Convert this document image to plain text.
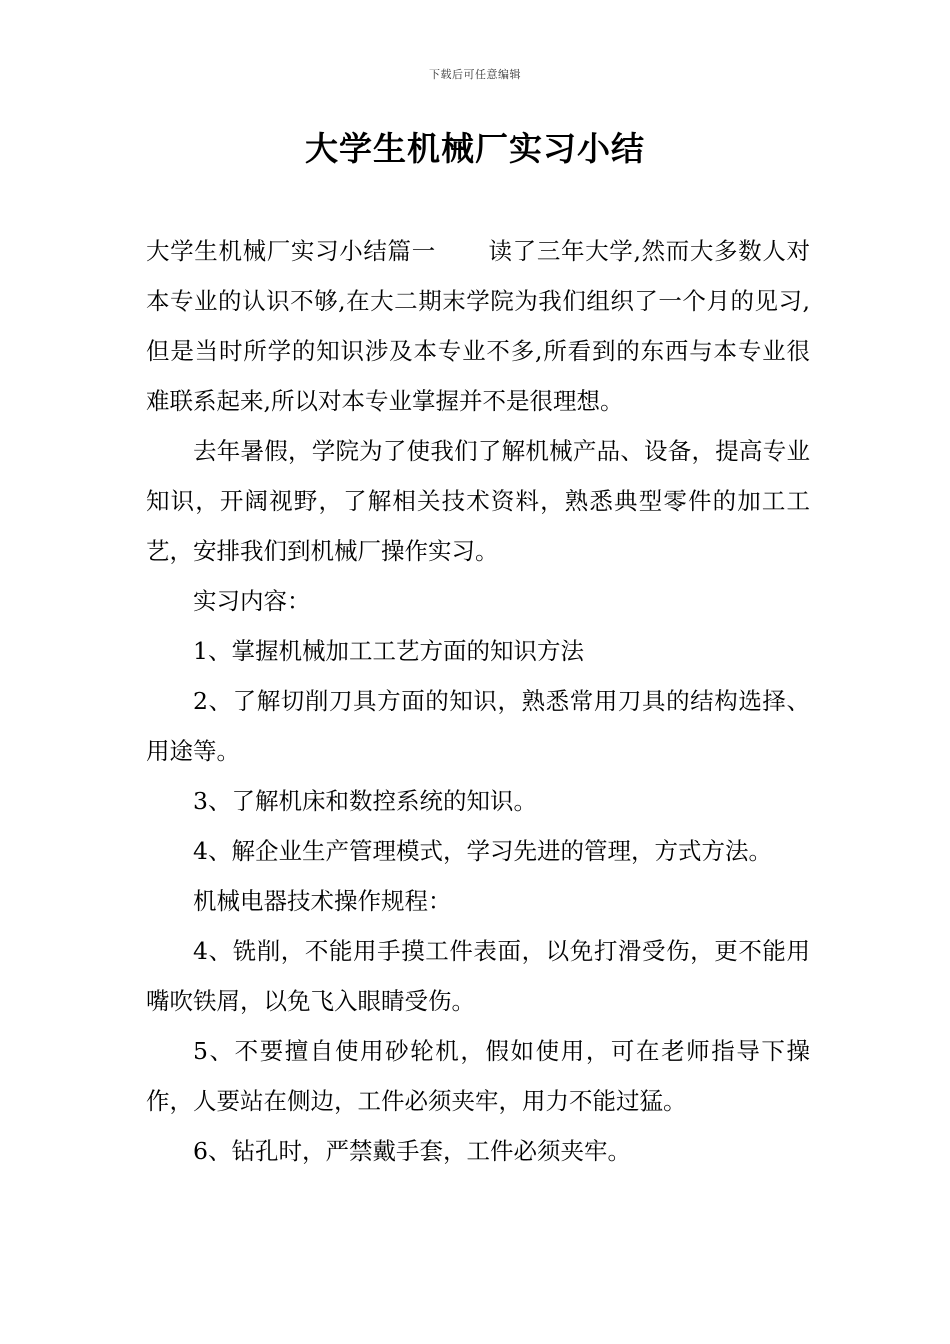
下载后可任意编辑
大学生机械厂实习小结

大学生机械厂实习小结篇一 读了三年大学,然而大多数人对本专业的认识不够,在大二期末学院为我们组织了一个月的见习,但是当时所学的知识涉及本专业不多,所看到的东西与本专业很难联系起来,所以对本专业掌握并不是很理想。

去年暑假，学院为了使我们了解机械产品、设备，提高专业知识，开阔视野，了解相关技术资料，熟悉典型零件的加工工艺，安排我们到机械厂操作实习。

实习内容：

1、掌握机械加工工艺方面的知识方法

2、了解切削刀具方面的知识，熟悉常用刀具的结构选择、用途等。

3、了解机床和数控系统的知识。

4、解企业生产管理模式，学习先进的管理，方式方法。

机械电器技术操作规程：

4、铣削，不能用手摸工件表面，以免打滑受伤，更不能用嘴吹铁屑，以免飞入眼睛受伤。

5、不要擅自使用砂轮机，假如使用，可在老师指导下操作，人要站在侧边，工件必须夹牢，用力不能过猛。

6、钻孔时，严禁戴手套，工件必须夹牢。
